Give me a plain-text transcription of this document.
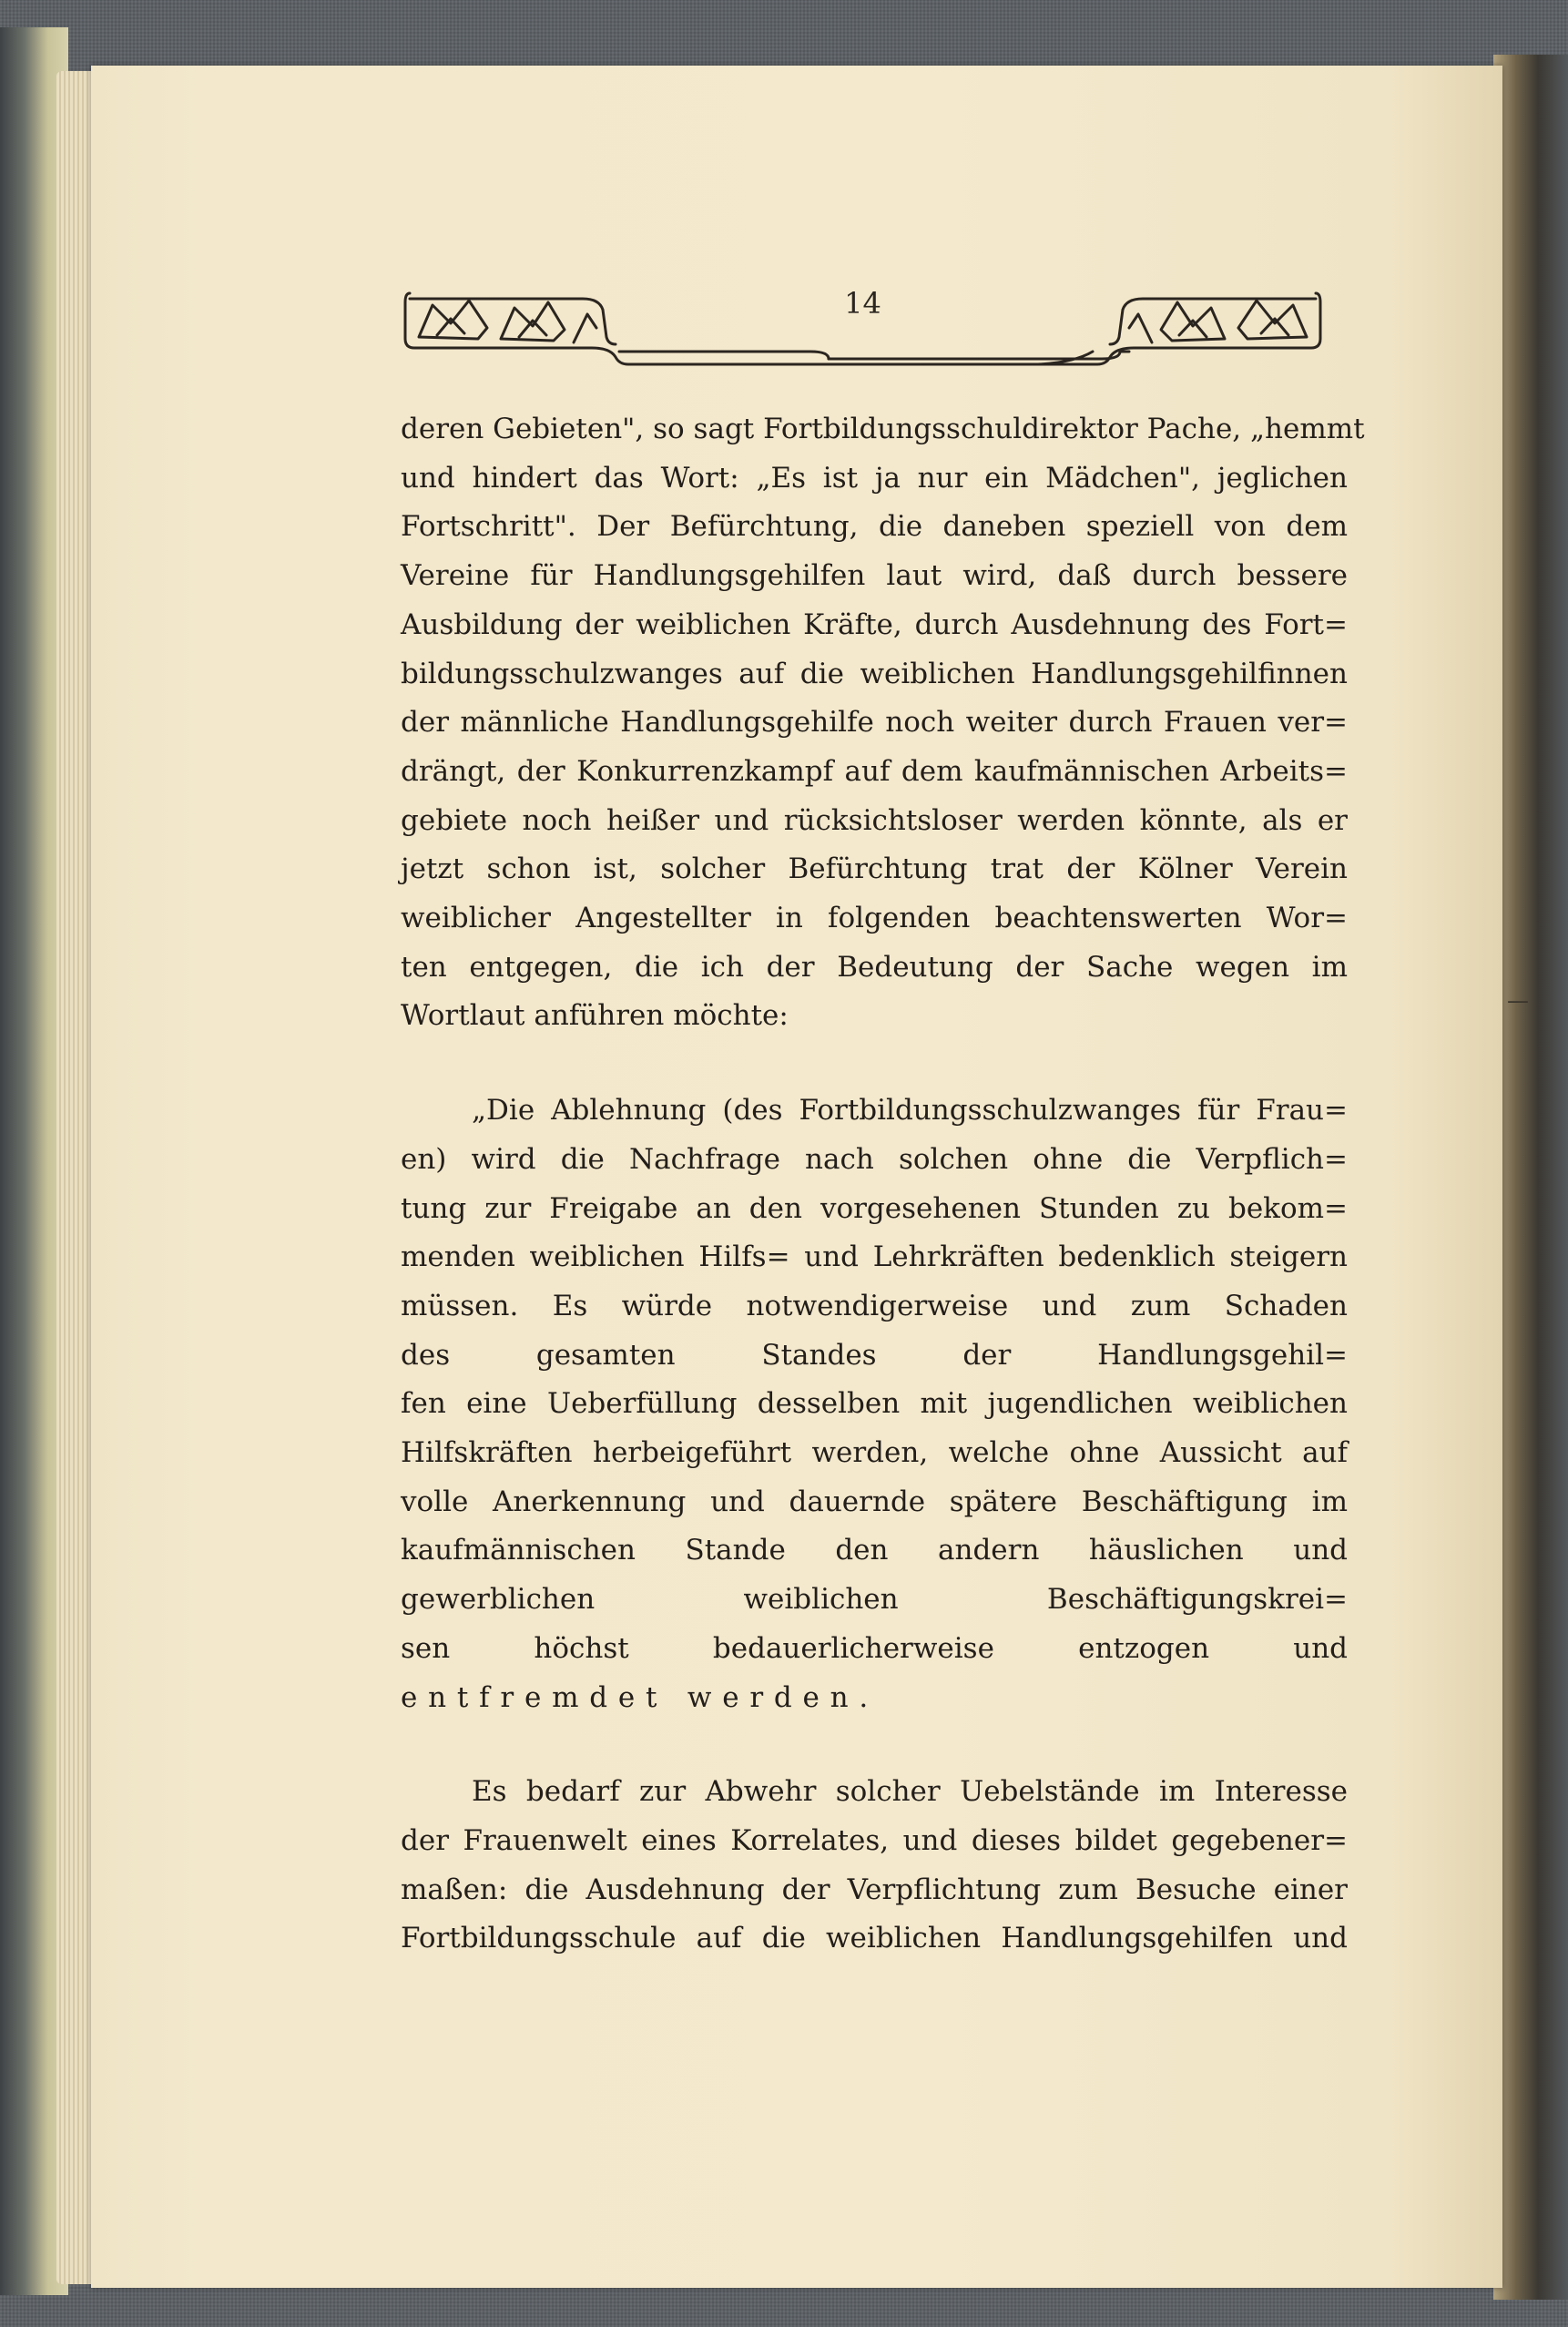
14

deren Gebieten", so sagt Fortbildungsschuldirektor Pache, „hemmt
und hindert das Wort: „Es ist ja nur ein Mädchen", jeglichen
Fortschritt". Der Befürchtung, die daneben speziell von dem
Vereine für Handlungsgehilfen laut wird, daß durch bessere
Ausbildung der weiblichen Kräfte, durch Ausdehnung des Fort=
bildungsschulzwanges auf die weiblichen Handlungsgehilfinnen
der männliche Handlungsgehilfe noch weiter durch Frauen ver=
drängt, der Konkurrenzkampf auf dem kaufmännischen Arbeits=
gebiete noch heißer und rücksichtsloser werden könnte, als er
jetzt schon ist, solcher Befürchtung trat der Kölner Verein
weiblicher Angestellter in folgenden beachtenswerten Wor=
ten entgegen, die ich der Bedeutung der Sache wegen im
Wortlaut anführen möchte:

„Die Ablehnung (des Fortbildungsschulzwanges für Frau=
en) wird die Nachfrage nach solchen ohne die Verpflich=
tung zur Freigabe an den vorgesehenen Stunden zu bekom=
menden weiblichen Hilfs= und Lehrkräften bedenklich steigern
müssen. Es würde notwendigerweise und zum Schaden
des gesamten Standes der Handlungsgehil=
fen eine Ueberfüllung desselben mit jugendlichen weiblichen
Hilfskräften herbeigeführt werden, welche ohne Aussicht auf
volle Anerkennung und dauernde spätere Beschäftigung im
kaufmännischen Stande den andern häuslichen und
gewerblichen weiblichen Beschäftigungskrei=
sen höchst bedauerlicherweise entzogen und
entfremdet werden.

Es bedarf zur Abwehr solcher Uebelstände im Interesse
der Frauenwelt eines Korrelates, und dieses bildet gegebener=
maßen: die Ausdehnung der Verpflichtung zum Besuche einer
Fortbildungsschule auf die weiblichen Handlungsgehilfen und

—
